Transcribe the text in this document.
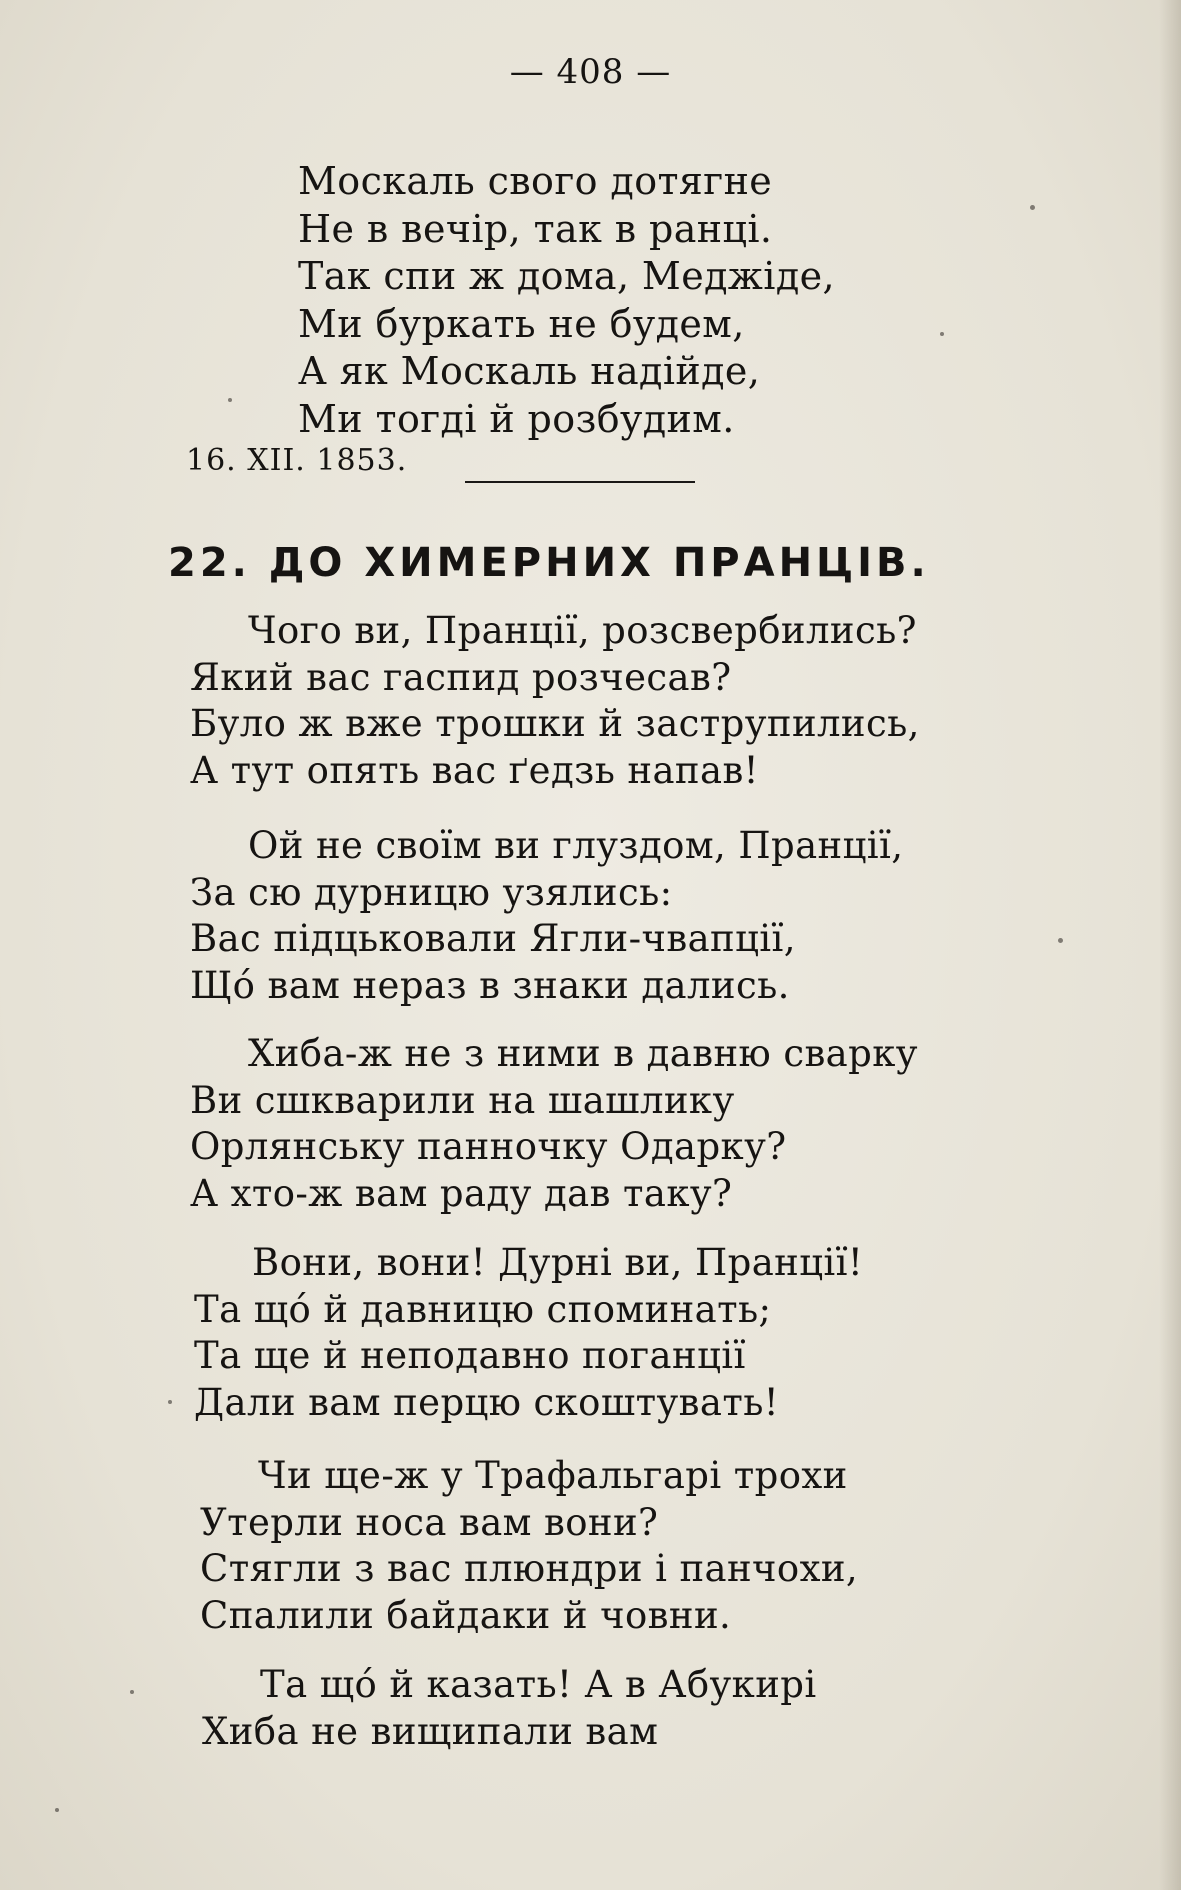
— 408 —
Москаль свого дотягне
Не в вечір, так в ранці.
Так спи ж дома, Меджіде,
Ми буркать не будем,
А як Москаль надійде,
Ми тогді й розбудим.
16. XII. 1853.
22. ДО ХИМЕРНИХ ПРАНЦІВ.
Чого ви, Пранції, розсвербились?
Який вас гаспид розчесав?
Було ж вже трошки й заструпились,
А тут опять вас ґедзь напав!
Ой не своїм ви глуздом, Пранції,
За сю дурницю узялись:
Вас підцьковали Ягли-чвапції,
Щó вам нераз в знаки дались.
Хиба-ж не з ними в давню сварку
Ви сшкварили на шашлику
Орлянську панночку Одарку?
А хто-ж вам раду дав таку?
Вони, вони! Дурні ви, Пранції!
Та щó й давницю споминать;
Та ще й неподавно поганції
Дали вам перцю скоштувать!
Чи ще-ж у Трафальгарі трохи
Утерли носа вам вони?
Стягли з вас плюндри і панчохи,
Спалили байдаки й човни.
Та щó й казать! А в Абукирі
Хиба не вищипали вам
